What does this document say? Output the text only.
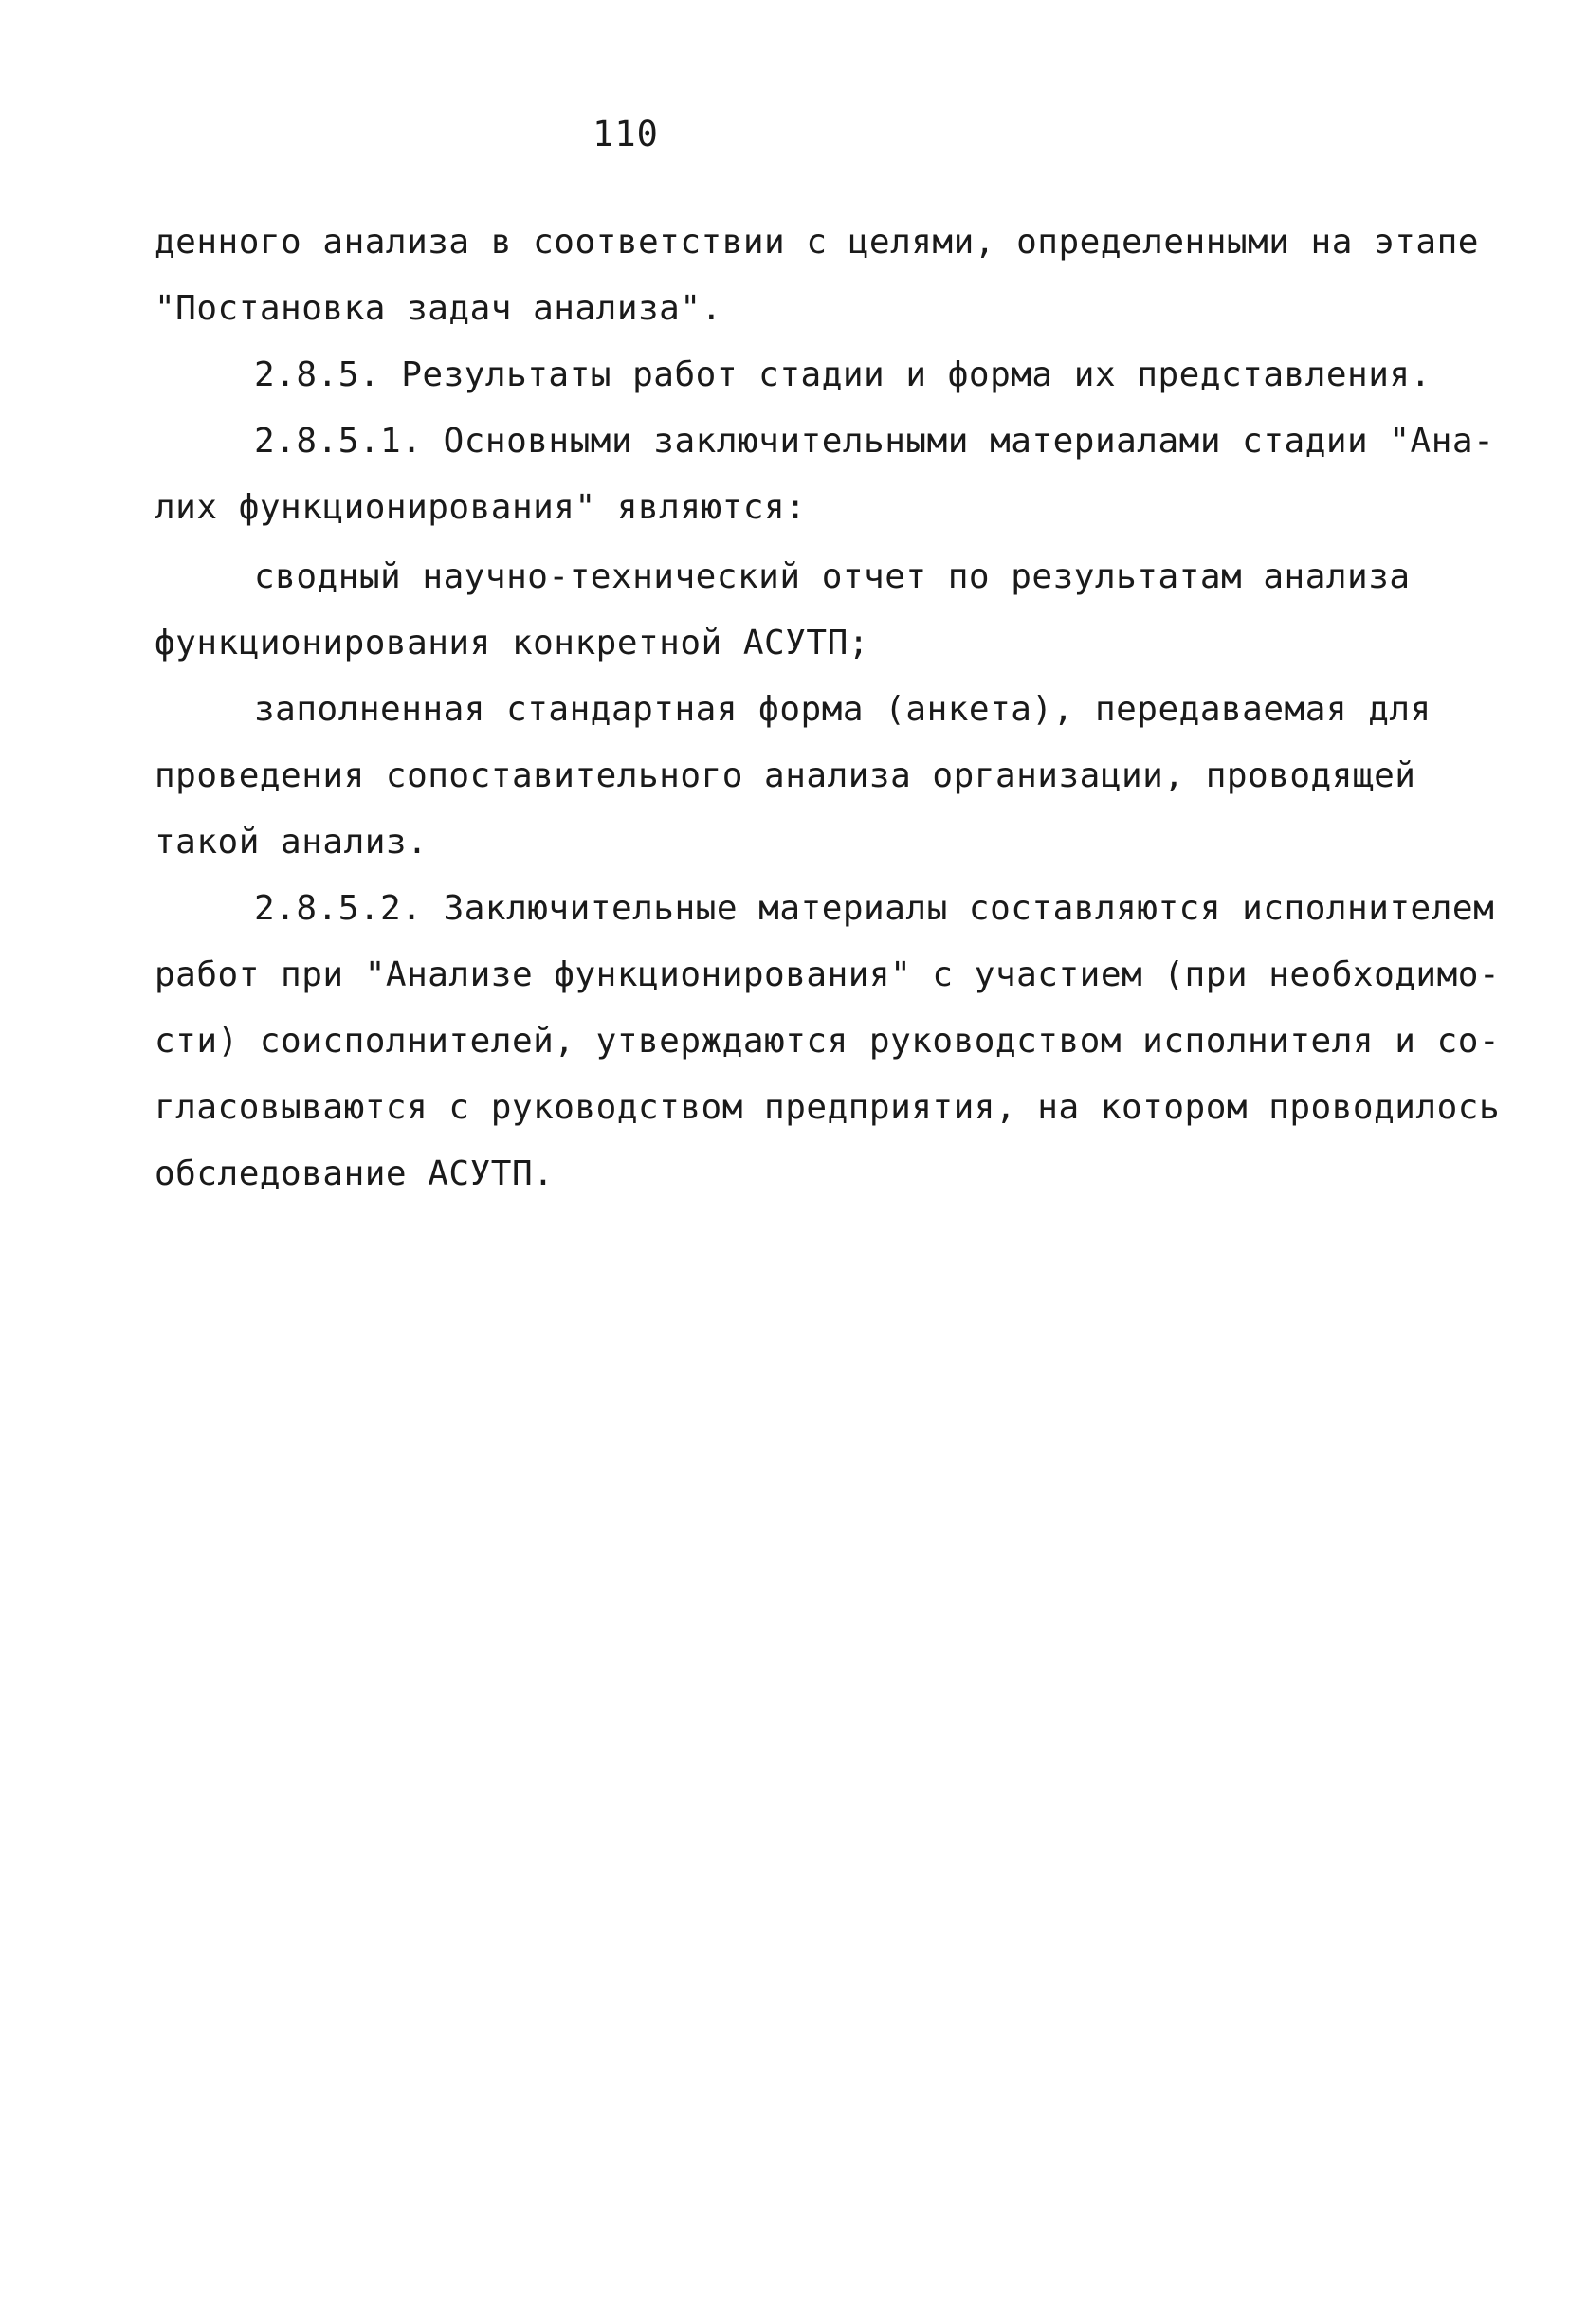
110
денного анализа в соответствии с целями, определенными на этапе
"Постановка задач анализа".
2.8.5. Результаты работ стадии и форма их представления.
2.8.5.1. Основными заключительными материалами стадии "Ана-
лих функционирования" являются:
сводный научно-технический отчет по результатам анализа
функционирования конкретной АСУТП;
заполненная стандартная форма (анкета), передаваемая для
проведения сопоставительного анализа организации, проводящей
такой анализ.
2.8.5.2. Заключительные материалы составляются исполнителем
работ при "Анализе функционирования" с участием (при необходимо-
сти) соисполнителей, утверждаются руководством исполнителя и со-
гласовываются с руководством предприятия, на котором проводилось
обследование АСУТП.
